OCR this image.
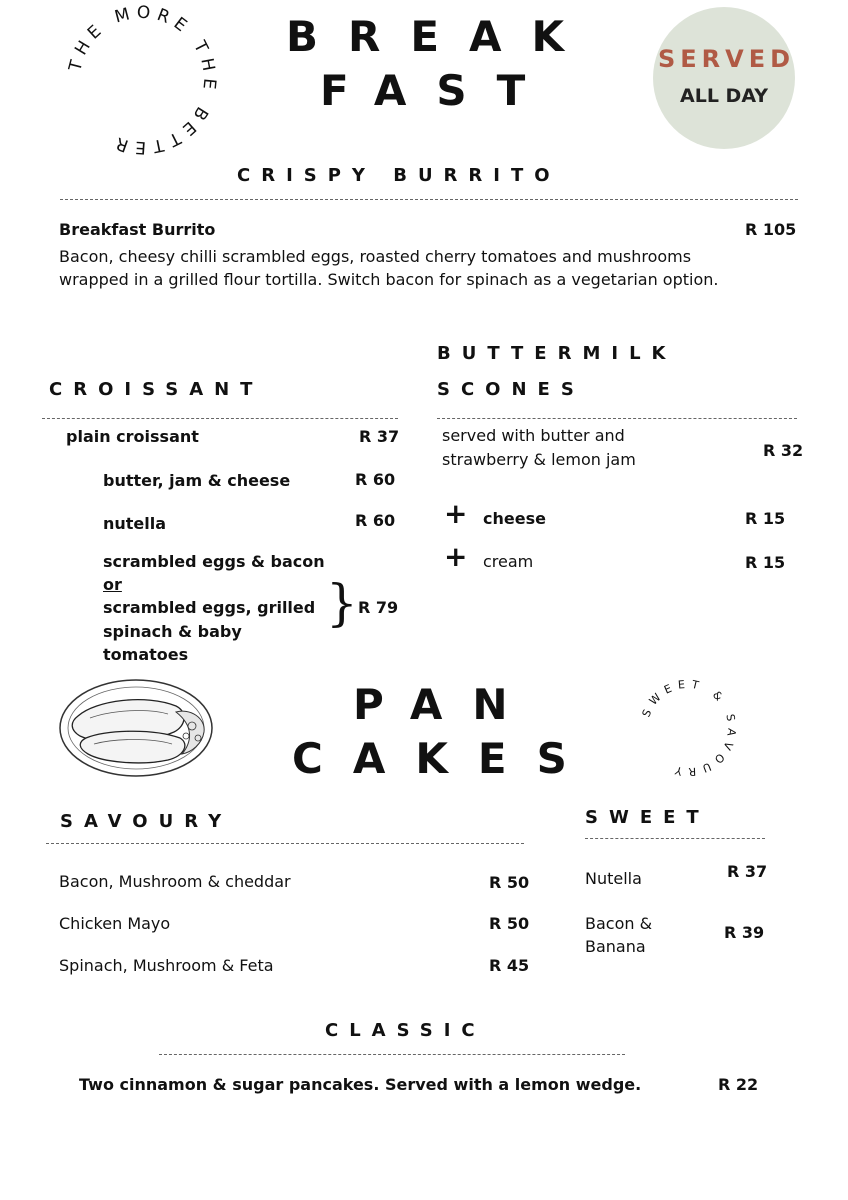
THE MORE THE BETTER
BREAK
FAST
SERVED
ALL DAY
CRISPY BURRITO
Breakfast Burrito	R 105
Bacon, cheesy chilli scrambled eggs, roasted cherry tomatoes and mushrooms
wrapped in a grilled flour tortilla. Switch bacon for spinach as a vegetarian option.
CROISSANT
plain croissant	R 37
butter, jam & cheese	R 60
nutella	R 60
scrambled eggs & bacon
or
scrambled eggs, grilled
spinach & baby
tomatoes
} R 79
BUTTERMILK
SCONES
served with butter and
strawberry & lemon jam	R 32
+ cheese	R 15
+ cream	R 15
PAN
CAKES
SWEET & SAVOURY
SAVOURY
Bacon, Mushroom & cheddar	R 50
Chicken Mayo	R 50
Spinach, Mushroom & Feta	R 45
SWEET
Nutella	R 37
Bacon &
Banana
R 39
CLASSIC
Two cinnamon & sugar pancakes. Served with a lemon wedge.	R 22
